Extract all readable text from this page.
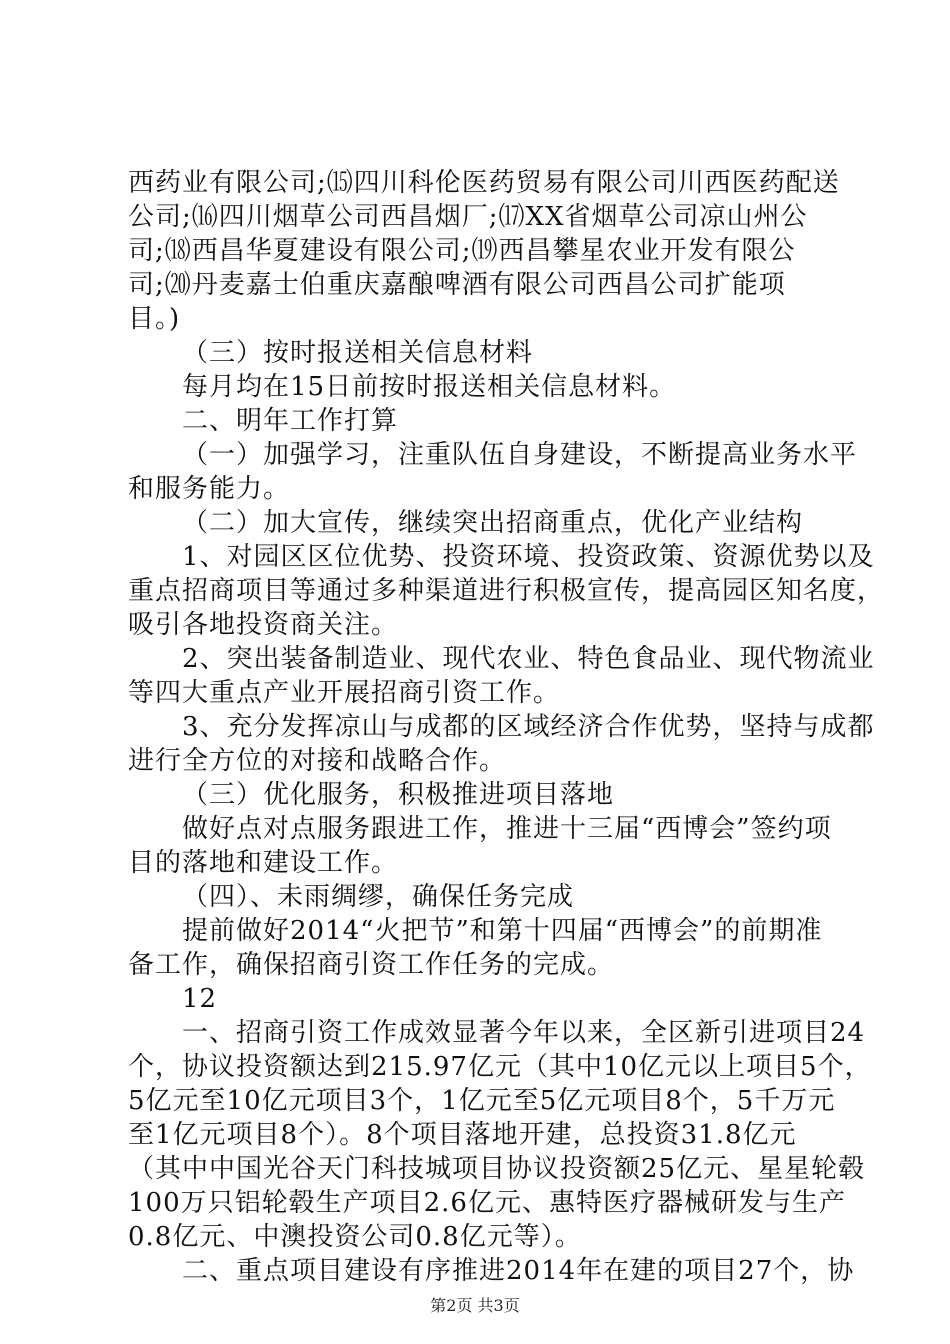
西药业有限公司;⒂四川科伦医药贸易有限公司川西医药配送
公司;⒃四川烟草公司西昌烟厂;⒄XX省烟草公司凉山州公
司;⒅西昌华夏建设有限公司;⒆西昌攀星农业开发有限公
司;⒇丹麦嘉士伯重庆嘉酿啤酒有限公司西昌公司扩能项
目。)
（三）按时报送相关信息材料
每月均在15日前按时报送相关信息材料。
二、明年工作打算
（一）加强学习，注重队伍自身建设，不断提高业务水平
和服务能力。
（二）加大宣传，继续突出招商重点，优化产业结构
1、对园区区位优势、投资环境、投资政策、资源优势以及
重点招商项目等通过多种渠道进行积极宣传，提高园区知名度，
吸引各地投资商关注。
2、突出装备制造业、现代农业、特色食品业、现代物流业
等四大重点产业开展招商引资工作。
3、充分发挥凉山与成都的区域经济合作优势，坚持与成都
进行全方位的对接和战略合作。
（三）优化服务，积极推进项目落地
做好点对点服务跟进工作，推进十三届“西博会”签约项
目的落地和建设工作。
（四）、未雨绸缪，确保任务完成
提前做好2014“火把节”和第十四届“西博会”的前期准
备工作，确保招商引资工作任务的完成。
12
一、招商引资工作成效显著今年以来，全区新引进项目24
个，协议投资额达到215.97亿元（其中10亿元以上项目5个，
5亿元至10亿元项目3个，1亿元至5亿元项目8个，5千万元
至1亿元项目8个）。8个项目落地开建，总投资31.8亿元
（其中中国光谷天门科技城项目协议投资额25亿元、星星轮毂
100万只铝轮毂生产项目2.6亿元、惠特医疗器械研发与生产
0.8亿元、中澳投资公司0.8亿元等）。
二、重点项目建设有序推进2014年在建的项目27个，协
第2页 共3页
